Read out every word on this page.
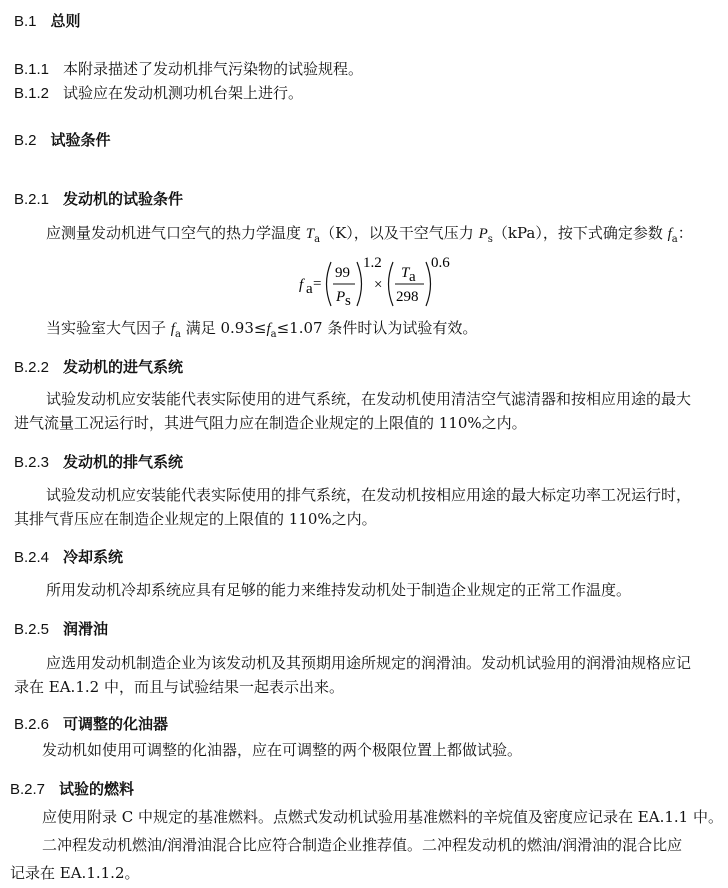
B.1 总则
B.1.1 本附录描述了发动机排气污染物的试验规程。
B.1.2 试验应在发动机测功机台架上进行。
B.2 试验条件
B.2.1 发动机的试验条件
应测量发动机进气口空气的热力学温度 $T_a(K)$，以及干空气压力 $P_s(kPa)$，按下式确定参数 $f_a$：
f a =
99
P s
1.2
×
T a
298
0.6
当实验室大气因子 $f_a$ 满足 $0.93\le f_a\le 1.07$ 条件时认为试验有效。
B.2.2 发动机的进气系统
试验发动机应安装能代表实际使用的进气系统，在发动机使用清洁空气滤清器和按相应用途的最大
进气流量工况运行时，其进气阻力应在制造企业规定的上限值的 110%之内。
B.2.3 发动机的排气系统
试验发动机应安装能代表实际使用的排气系统，在发动机按相应用途的最大标定功率工况运行时，
其排气背压应在制造企业规定的上限值的 110%之内。
B.2.4 冷却系统
所用发动机冷却系统应具有足够的能力来维持发动机处于制造企业规定的正常工作温度。
B.2.5 润滑油
应选用发动机制造企业为该发动机及其预期用途所规定的润滑油。发动机试验用的润滑油规格应记
录在 EA.1.2 中，而且与试验结果一起表示出来。
B.2.6 可调整的化油器
发动机如使用可调整的化油器，应在可调整的两个极限位置上都做试验。
B.2.7 试验的燃料
应使用附录 C 中规定的基准燃料。点燃式发动机试验用基准燃料的辛烷值及密度应记录在 EA.1.1 中。
二冲程发动机燃油/润滑油混合比应符合制造企业推荐值。二冲程发动机的燃油/润滑油的混合比应
记录在 EA.1.1.2。
